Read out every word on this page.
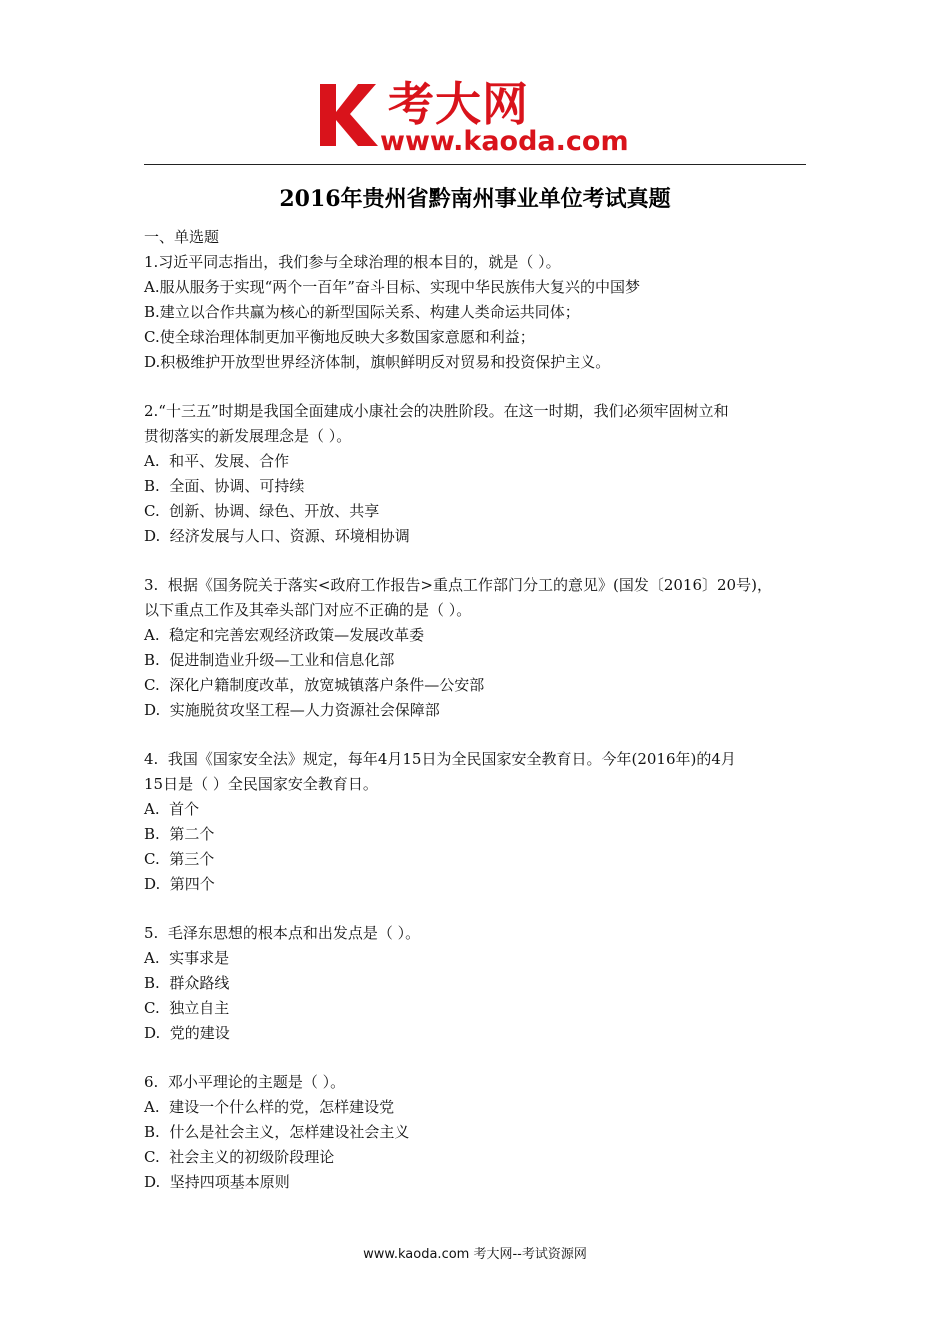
考大网
www.kaoda.com
2016年贵州省黔南州事业单位考试真题
一、单选题
1.习近平同志指出，我们参与全球治理的根本目的，就是（ ）。
A.服从服务于实现“两个一百年”奋斗目标、实现中华民族伟大复兴的中国梦
B.建立以合作共赢为核心的新型国际关系、构建人类命运共同体；
C.使全球治理体制更加平衡地反映大多数国家意愿和利益；
D.积极维护开放型世界经济体制，旗帜鲜明反对贸易和投资保护主义。
2.“十三五”时期是我国全面建成小康社会的决胜阶段。在这一时期，我们必须牢固树立和
贯彻落实的新发展理念是（ ）。
A.  和平、发展、合作
B.  全面、协调、可持续
C.  创新、协调、绿色、开放、共享
D.  经济发展与人口、资源、环境相协调
3.  根据《国务院关于落实<政府工作报告>重点工作部门分工的意见》(国发〔2016〕20号)，
以下重点工作及其牵头部门对应不正确的是（ ）。
A.  稳定和完善宏观经济政策—发展改革委
B.  促进制造业升级—工业和信息化部
C.  深化户籍制度改革，放宽城镇落户条件—公安部
D.  实施脱贫攻坚工程—人力资源社会保障部
4.  我国《国家安全法》规定，每年4月15日为全民国家安全教育日。今年(2016年)的4月
15日是（ ）全民国家安全教育日。
A.  首个
B.  第二个
C.  第三个
D.  第四个
5.  毛泽东思想的根本点和出发点是（ ）。
A.  实事求是
B.  群众路线
C.  独立自主
D.  党的建设
6.  邓小平理论的主题是（ ）。
A.  建设一个什么样的党，怎样建设党
B.  什么是社会主义，怎样建设社会主义
C.  社会主义的初级阶段理论
D.  坚持四项基本原则
www.kaoda.com 考大网--考试资源网
